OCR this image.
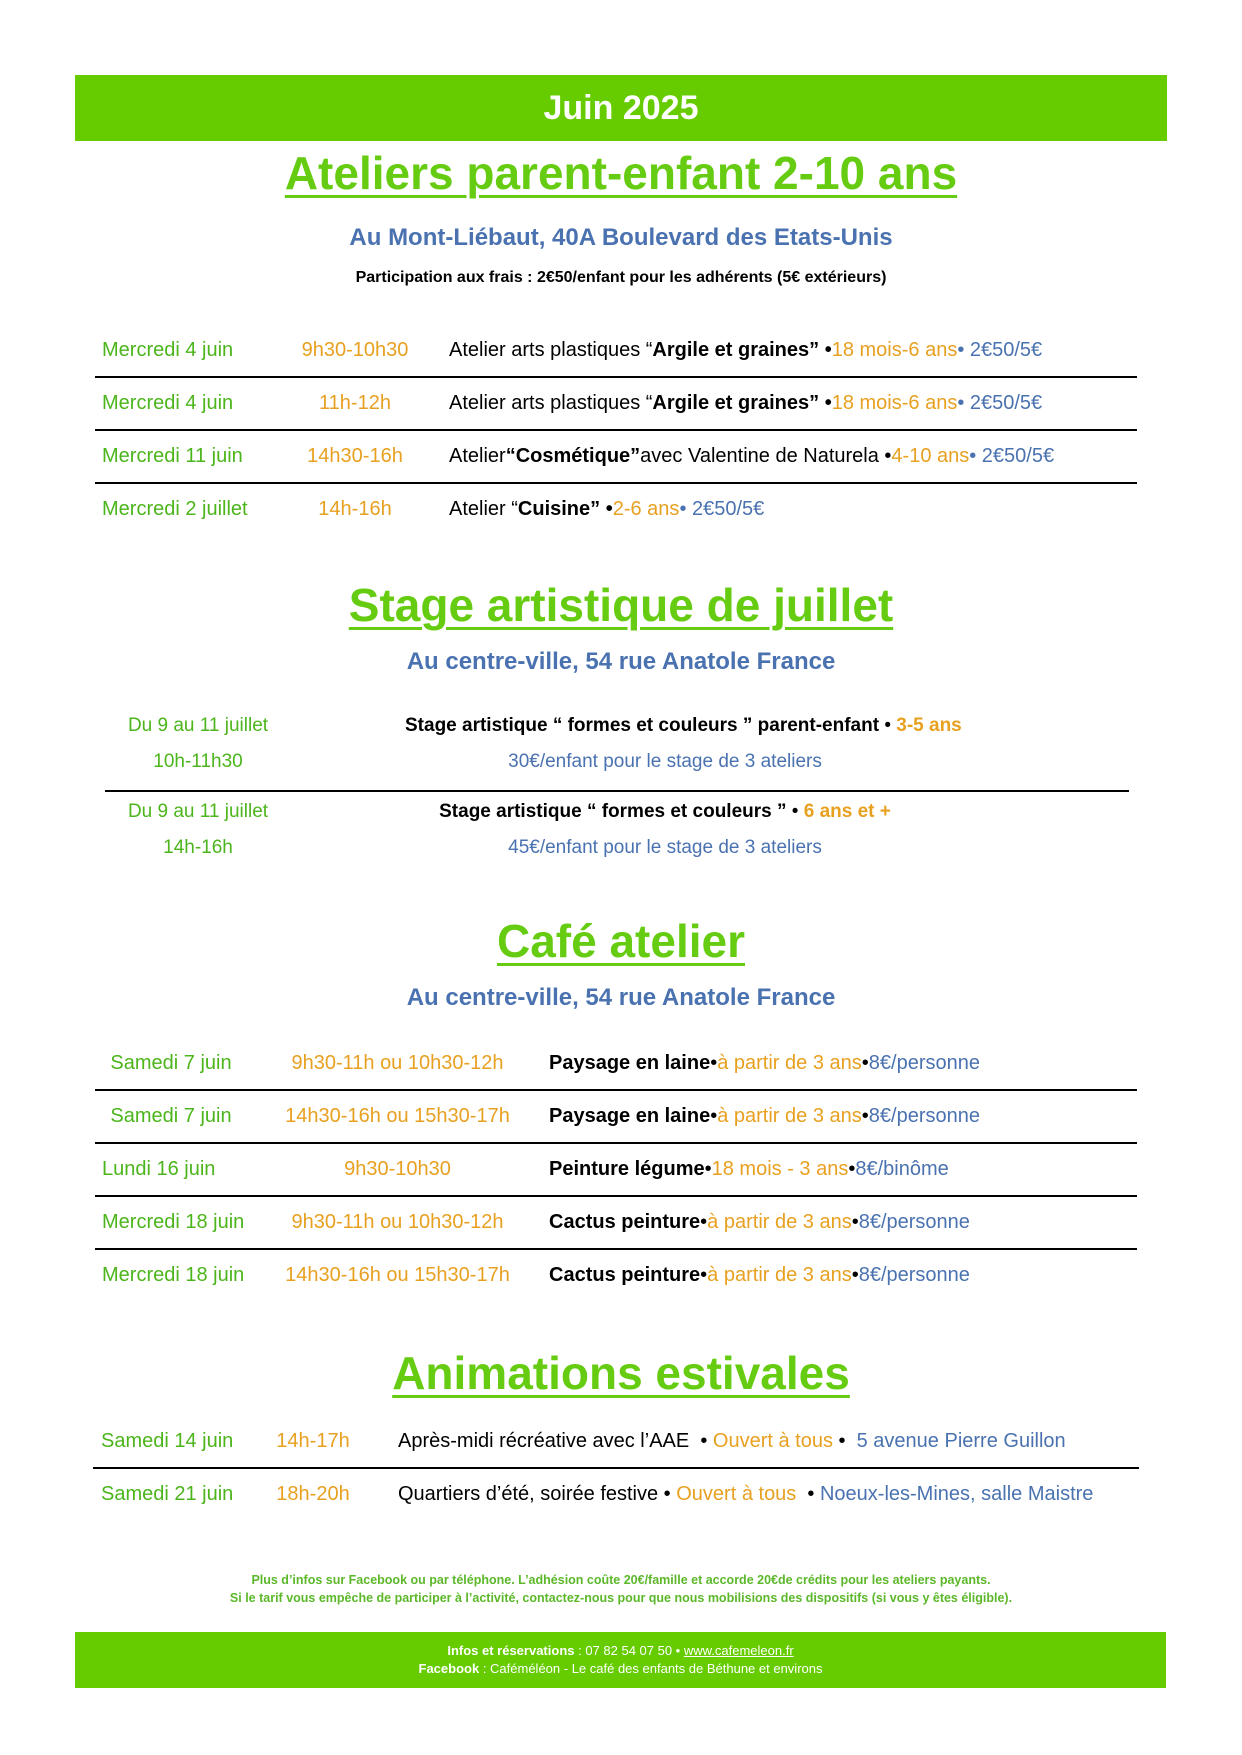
Juin 2025
Ateliers parent-enfant 2-10 ans
Au Mont-Liébaut, 40A Boulevard des Etats-Unis
Participation aux frais : 2€50/enfant pour les adhérents (5€ extérieurs)
Mercredi 4 juin	9h30-10h30	Atelier arts plastiques “ Argile et graines ” • 18 mois-6 ans • 2€50/5€
Mercredi 4 juin	11h-12h	Atelier arts plastiques “ Argile et graines ” • 18 mois-6 ans • 2€50/5€
Mercredi 11 juin	14h30-16h	Atelier “Cosmétique” avec Valentine de Naturela • 4-10 ans • 2€50/5€
Mercredi 2 juillet	14h-16h	Atelier “ Cuisine ” • 2-6 ans • 2€50/5€
Stage artistique de juillet
Au centre-ville, 54 rue Anatole France
Du 9 au 11 juillet
10h-11h30
Stage artistique “ formes et couleurs ” parent-enfant • 3-5 ans
30€/enfant pour le stage de 3 ateliers
Du 9 au 11 juillet
14h-16h
Stage artistique “ formes et couleurs ” • 6 ans et +
45€/enfant pour le stage de 3 ateliers
Café atelier
Au centre-ville, 54 rue Anatole France
Samedi 7 juin	9h30-11h ou 10h30-12h	Paysage en laine • à partir de 3 ans • 8€/personne
Samedi 7 juin	14h30-16h ou 15h30-17h	Paysage en laine • à partir de 3 ans • 8€/personne
Lundi 16 juin	9h30-10h30	Peinture légume • 18 mois - 3 ans • 8€/binôme
Mercredi 18 juin	9h30-11h ou 10h30-12h	Cactus peinture • à partir de 3 ans • 8€/personne
Mercredi 18 juin	14h30-16h ou 15h30-17h	Cactus peinture • à partir de 3 ans • 8€/personne
Animations estivales
Samedi 14 juin	14h-17h	Après-midi récréative avec l’AAE • Ouvert à tous • 5 avenue Pierre Guillon
Samedi 21 juin	18h-20h	Quartiers d’été, soirée festive • Ouvert à tous • Noeux-les-Mines, salle Maistre
Plus d’infos sur Facebook ou par téléphone. L’adhésion coûte 20€/famille et accorde 20€de crédits pour les ateliers payants.
Si le tarif vous empêche de participer à l’activité, contactez-nous pour que nous mobilisions des dispositifs (si vous y êtes éligible).
Infos et réservations : 07 82 54 07 50 • www.cafemeleon.fr
Facebook : Caféméléon - Le café des enfants de Béthune et environs
